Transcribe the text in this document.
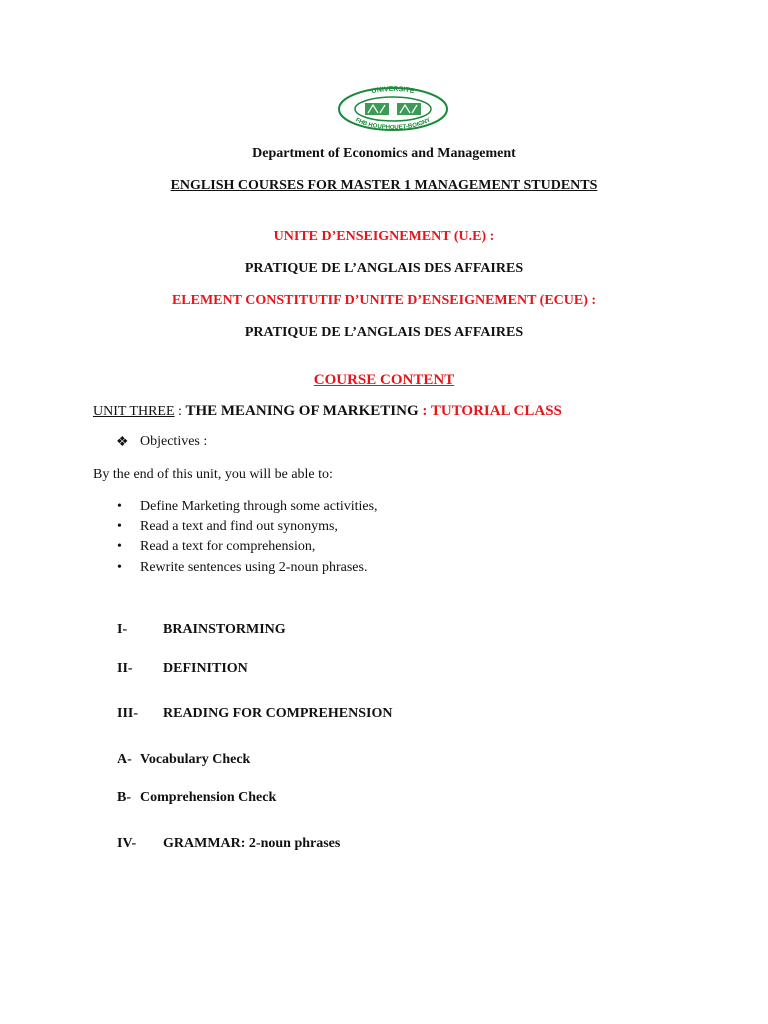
UNIVERSITE
FHB HOUPHOUET-BOIGNY
Department of Economics and Management
ENGLISH COURSES FOR MASTER 1 MANAGEMENT STUDENTS
UNITE D’ENSEIGNEMENT (U.E) :
PRATIQUE DE L’ANGLAIS DES AFFAIRES
ELEMENT CONSTITUTIF D’UNITE D’ENSEIGNEMENT (ECUE) :
PRATIQUE DE L’ANGLAIS DES AFFAIRES
COURSE CONTENT
UNIT THREE : THE MEANING OF MARKETING : TUTORIAL CLASS
❖ Objectives :
By the end of this unit, you will be able to:
• Define Marketing through some activities,
• Read a text and find out synonyms,
• Read a text for comprehension,
• Rewrite sentences using 2-noun phrases.
I-	BRAINSTORMING
II- DEFINITION
III- READING FOR COMPREHENSION
A- Vocabulary Check
B- Comprehension Check
IV- GRAMMAR: 2-noun phrases
